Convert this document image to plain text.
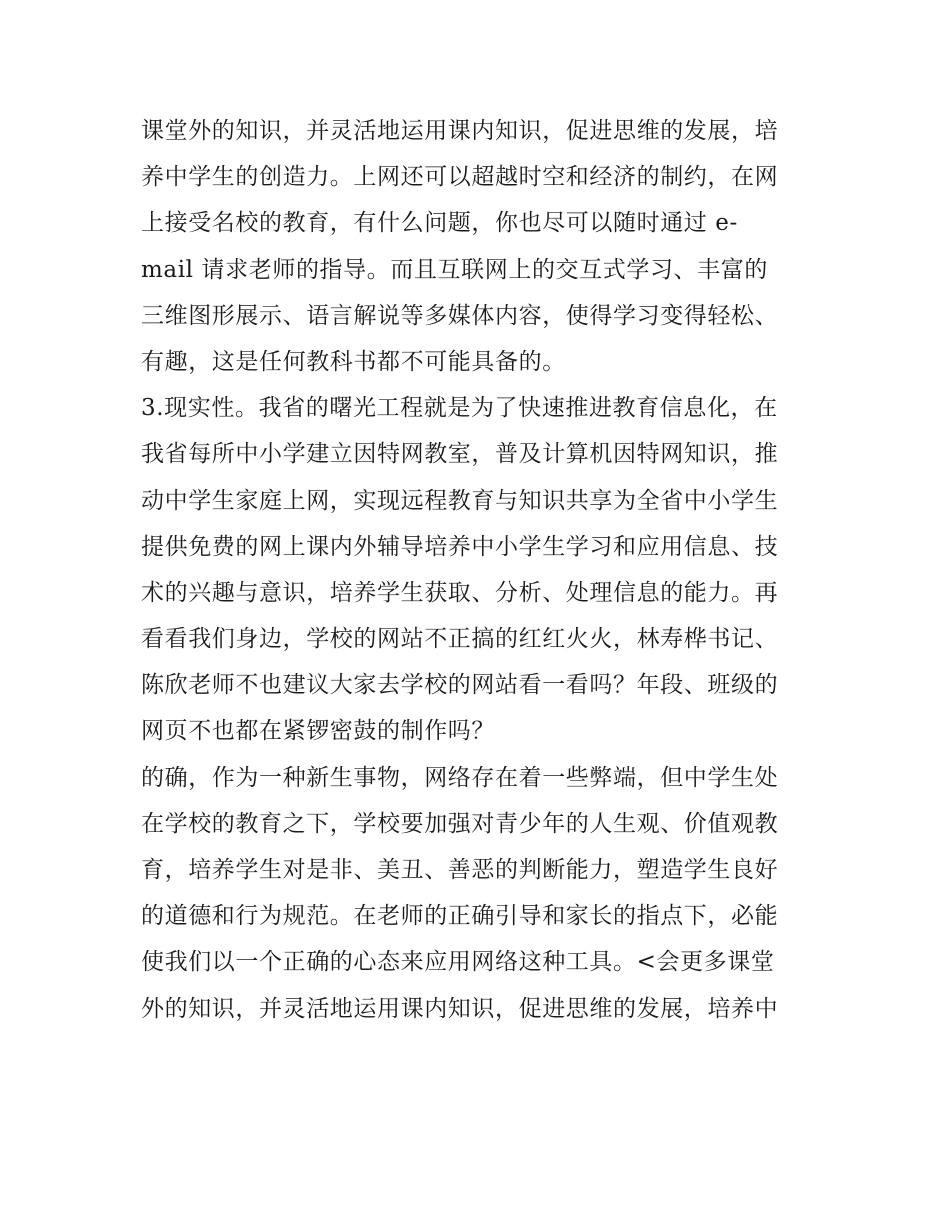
课堂外的知识，并灵活地运用课内知识，促进思维的发展，培
养中学生的创造力。上网还可以超越时空和经济的制约，在网
上接受名校的教育，有什么问题，你也尽可以随时通过 e-
mail 请求老师的指导。而且互联网上的交互式学习、丰富的
三维图形展示、语言解说等多媒体内容，使得学习变得轻松、
有趣，这是任何教科书都不可能具备的。
3.现实性。我省的曙光工程就是为了快速推进教育信息化，在
我省每所中小学建立因特网教室，普及计算机因特网知识，推
动中学生家庭上网，实现远程教育与知识共享为全省中小学生
提供免费的网上课内外辅导培养中小学生学习和应用信息、技
术的兴趣与意识，培养学生获取、分析、处理信息的能力。再
看看我们身边，学校的网站不正搞的红红火火，林寿桦书记、
陈欣老师不也建议大家去学校的网站看一看吗？年段、班级的
网页不也都在紧锣密鼓的制作吗？
的确，作为一种新生事物，网络存在着一些弊端，但中学生处
在学校的教育之下，学校要加强对青少年的人生观、价值观教
育，培养学生对是非、美丑、善恶的判断能力，塑造学生良好
的道德和行为规范。在老师的正确引导和家长的指点下，必能
使我们以一个正确的心态来应用网络这种工具。<会更多课堂
外的知识，并灵活地运用课内知识，促进思维的发展，培养中
